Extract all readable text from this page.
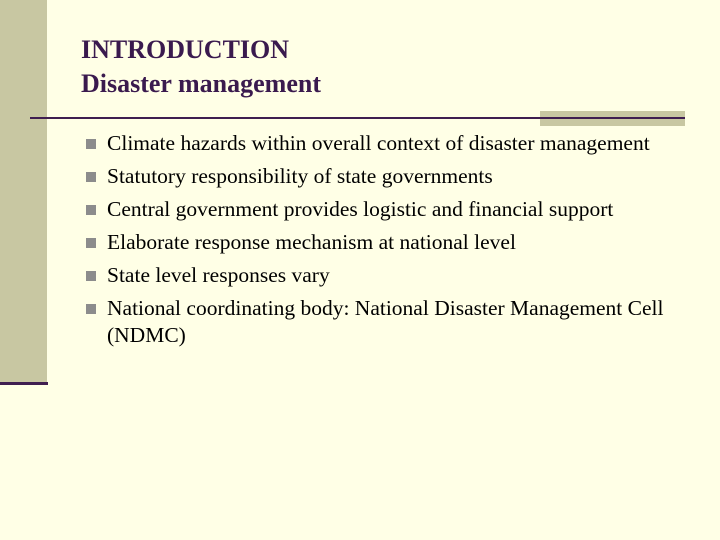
INTRODUCTION
Disaster management
Climate hazards within overall context of disaster management
Statutory responsibility of state governments
Central government provides logistic and financial support
Elaborate response mechanism at national level
State level responses vary
National coordinating body: National Disaster Management Cell (NDMC)
